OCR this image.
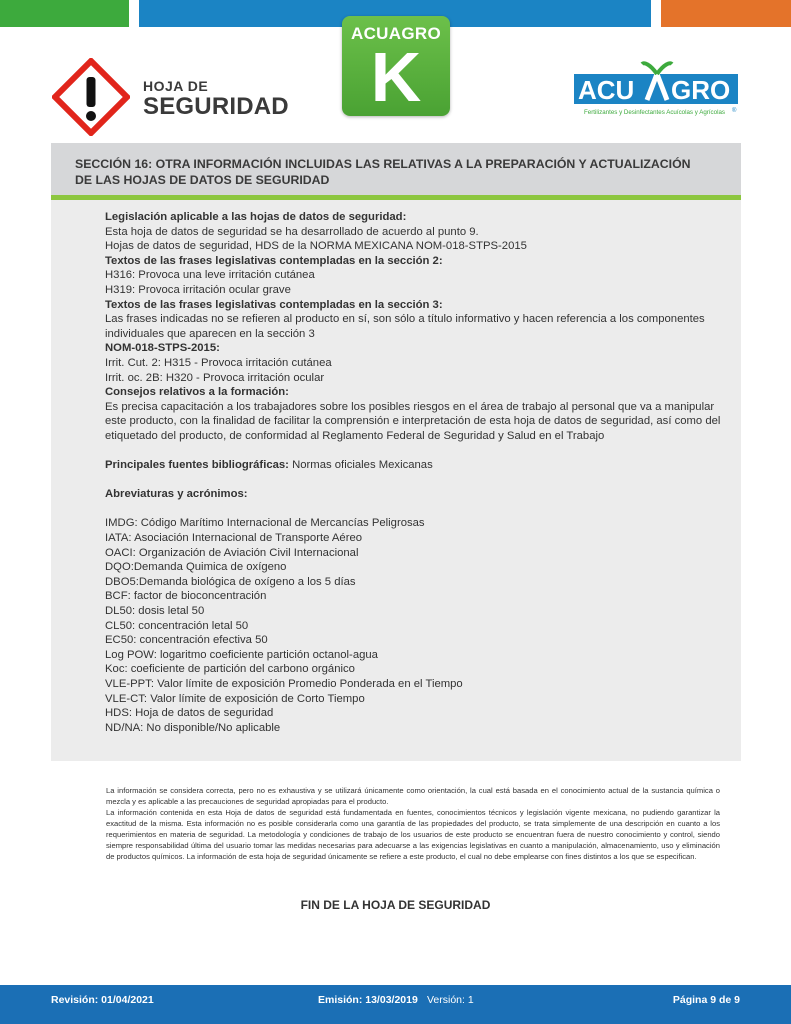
HOJA DE
SEGURIDAD
ACUAGRO
K	ACU GRO
Fertilizantes y Desinfectantes Acuícolas y Agrícolas ®
SECCIÓN 16: OTRA INFORMACIÓN INCLUIDAS LAS RELATIVAS A LA PREPARACIÓN Y ACTUALIZACIÓN
DE LAS HOJAS DE DATOS DE SEGURIDAD

Legislación aplicable a las hojas de datos de seguridad:

Esta hoja de datos de seguridad se ha desarrollado de acuerdo al punto 9.

Hojas de datos de seguridad, HDS de la NORMA MEXICANA NOM-018-STPS-2015

Textos de las frases legislativas contempladas en la sección 2:

H316: Provoca una leve irritación cutánea

H319: Provoca irritación ocular grave

Textos de las frases legislativas contempladas en la sección 3:

Las frases indicadas no se refieren al producto en sí, son sólo a título informativo y hacen referencia a los componentes

individuales que aparecen en la sección 3

NOM-018-STPS-2015:

Irrit. Cut. 2: H315 - Provoca irritación cutánea

Irrit. oc. 2B: H320 - Provoca irritación ocular

Consejos relativos a la formación:

Es precisa capacitación a los trabajadores sobre los posibles riesgos en el área de trabajo al personal que va a manipular

este producto, con la finalidad de facilitar la comprensión e interpretación de esta hoja de datos de seguridad, así como del

etiquetado del producto, de conformidad al Reglamento Federal de Seguridad y Salud en el Trabajo

Principales fuentes bibliográficas: Normas oficiales Mexicanas

Abreviaturas y acrónimos:

IMDG: Código Marítimo Internacional de Mercancías Peligrosas

IATA: Asociación Internacional de Transporte Aéreo

OACI: Organización de Aviación Civil Internacional

DQO:Demanda Quimica de oxígeno

DBO5:Demanda biológica de oxígeno a los 5 días

BCF: factor de bioconcentración

DL50: dosis letal 50

CL50: concentración letal 50

EC50: concentración efectiva 50

Log POW: logaritmo coeficiente partición octanol-agua

Koc: coeficiente de partición del carbono orgánico

VLE-PPT: Valor límite de exposición Promedio Ponderada en el Tiempo

VLE-CT: Valor límite de exposición de Corto Tiempo

HDS: Hoja de datos de seguridad

ND/NA: No disponible/No aplicable

La información se considera correcta, pero no es exhaustiva y se utilizará únicamente como orientación, la cual está basada en el conocimiento actual de la sustancia química o mezcla y es aplicable a las precauciones de seguridad apropiadas para el producto.

La información contenida en esta Hoja de datos de seguridad está fundamentada en fuentes, conocimientos técnicos y legislación vigente mexicana, no pudiendo garantizar la exactitud de la misma. Esta información no es posible considerarla como una garantía de las propiedades del producto, se trata simplemente de una descripción en cuanto a los requerimientos en materia de seguridad. La metodología y condiciones de trabajo de los usuarios de este producto se encuentran fuera de nuestro conocimiento y control, siendo siempre responsabilidad última del usuario tomar las medidas necesarias para adecuarse a las exigencias legislativas en cuanto a manipulación, almacenamiento, uso y eliminación de productos químicos. La información de esta hoja de seguridad únicamente se refiere a este producto, el cual no debe emplearse con fines distintos a los que se especifican.

FIN DE LA HOJA DE SEGURIDAD
Revisión: 01/04/2021	Emisión: 13/03/2019 Versión: 1	Página 9 de 9
